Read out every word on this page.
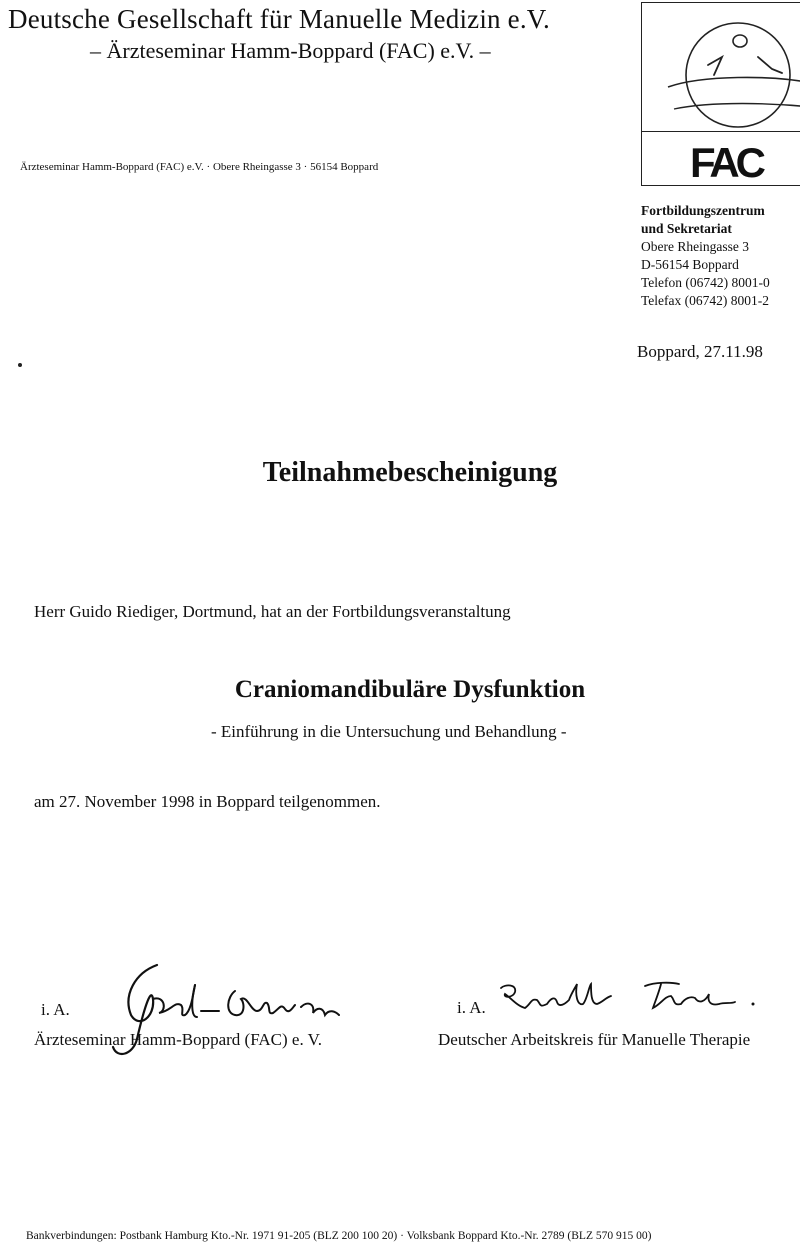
Deutsche Gesellschaft für Manuelle Medizin e.V.
– Ärzteseminar Hamm-Boppard (FAC) e.V. –
Ärzteseminar Hamm-Boppard (FAC) e.V. · Obere Rheingasse 3 · 56154 Boppard	FAC
Fortbildungszentrum
und Sekretariat
Obere Rheingasse 3
D-56154 Boppard
Telefon (06742) 8001-0
Telefax (06742) 8001-2
Boppard, 27.11.98
Teilnahmebescheinigung
Herr Guido Riediger, Dortmund, hat an der Fortbildungsveranstaltung
Craniomandibuläre Dysfunktion
- Einführung in die Untersuchung und Behandlung -
am 27. November 1998 in Boppard teilgenommen.
i. A.
Ärzteseminar Hamm-Boppard (FAC) e. V.
i. A.
Deutscher Arbeitskreis für Manuelle Therapie
Bankverbindungen: Postbank Hamburg Kto.-Nr. 1971 91-205 (BLZ 200 100 20) · Volksbank Boppard Kto.-Nr. 2789 (BLZ 570 915 00)
